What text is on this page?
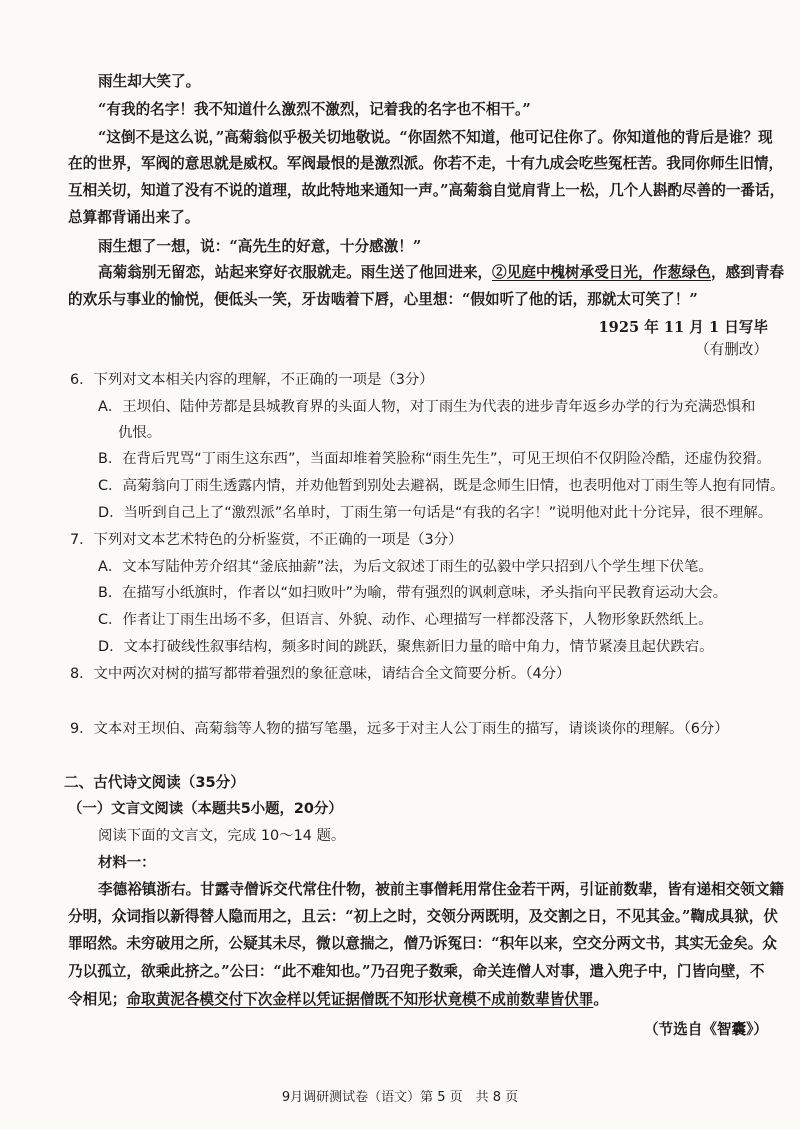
雨生却大笑了。
“有我的名字！我不知道什么激烈不激烈，记着我的名字也不相干。”
“这倒不是这么说，”高菊翁似乎极关切地敬说。“你固然不知道，他可记住你了。你知道他的背后是谁？现
在的世界，军阀的意思就是威权。军阀最恨的是激烈派。你若不走，十有九成会吃些冤枉苦。我同你师生旧情，
互相关切，知道了没有不说的道理，故此特地来通知一声。”高菊翁自觉肩背上一松，几个人斟酌尽善的一番话，
总算都背诵出来了。
雨生想了一想，说：“高先生的好意，十分感激！”
高菊翁别无留恋，站起来穿好衣服就走。雨生送了他回进来，②见庭中槐树承受日光，作葱绿色，感到青春
的欢乐与事业的愉悦，便低头一笑，牙齿啮着下唇，心里想：“假如听了他的话，那就太可笑了！”
1925 年 11 月 1 日写毕
（有删改）
6．下列对文本相关内容的理解，不正确的一项是（3分）
A．王坝伯、陆仲芳都是县城教育界的头面人物，对丁雨生为代表的进步青年返乡办学的行为充满恐惧和
仇恨。
B．在背后咒骂“丁雨生这东西”，当面却堆着笑脸称“雨生先生”，可见王坝伯不仅阴险冷酷，还虚伪狡猾。
C．高菊翁向丁雨生透露内情，并劝他暂到别处去避祸，既是念师生旧情，也表明他对丁雨生等人抱有同情。
D．当听到自己上了“激烈派”名单时，丁雨生第一句话是“有我的名字！”说明他对此十分诧异，很不理解。
7．下列对文本艺术特色的分析鉴赏，不正确的一项是（3分）
A．文本写陆仲芳介绍其“釜底抽薪”法，为后文叙述丁雨生的弘毅中学只招到八个学生埋下伏笔。
B．在描写小纸旗时，作者以“如扫败叶”为喻，带有强烈的讽刺意味，矛头指向平民教育运动大会。
C．作者让丁雨生出场不多，但语言、外貌、动作、心理描写一样都没落下，人物形象跃然纸上。
D．文本打破线性叙事结构，频多时间的跳跃，聚焦新旧力量的暗中角力，情节紧凑且起伏跌宕。
8．文中两次对树的描写都带着强烈的象征意味，请结合全文简要分析。（4分）
9．文本对王坝伯、高菊翁等人物的描写笔墨，远多于对主人公丁雨生的描写，请谈谈你的理解。（6分）
二、古代诗文阅读（35分）
（一）文言文阅读（本题共5小题，20分）
阅读下面的文言文，完成 10～14 题。
材料一：
李德裕镇浙右。甘露寺僧诉交代常住什物，被前主事僧耗用常住金若干两，引证前数辈，皆有递相交领文籍
分明，众词指以新得替人隐而用之，且云：“初上之时，交领分两既明，及交割之日，不见其金。”鞫成具狱，伏
罪昭然。未穷破用之所，公疑其未尽，微以意揣之，僧乃诉冤曰：“积年以来，空交分两文书，其实无金矣。众
乃以孤立，欲乘此挤之。”公曰：“此不难知也。”乃召兜子数乘，命关连僧人对事，遣入兜子中，门皆向壁，不
令相见；命取黄泥各模交付下次金样以凭证据僧既不知形状竟模不成前数辈皆伏罪。
（节选自《智囊》）
9月调研测试卷（语文）第 5 页　共 8 页
